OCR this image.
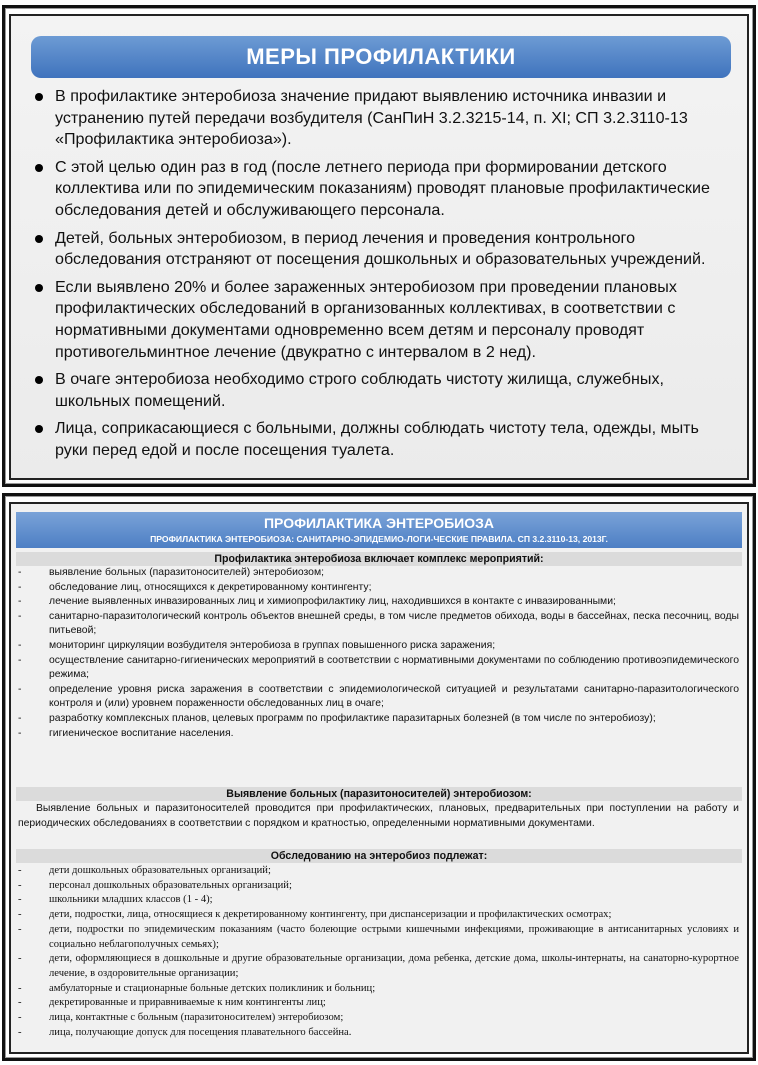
МЕРЫ ПРОФИЛАКТИКИ
В профилактике энтеробиоза значение придают выявлению источника инвазии и устранению путей передачи возбудителя (СанПиН 3.2.3215-14, п. XI; СП 3.2.3110-13 «Профилактика энтеробиоза»).
С этой целью один раз в год (после летнего периода при формировании детского коллектива или по эпидемическим показаниям) проводят плановые профилактические обследования детей и обслуживающего персонала.
Детей, больных энтеробиозом, в период лечения и проведения контрольного обследования отстраняют от посещения дошкольных и образовательных учреждений.
Если выявлено 20% и более зараженных энтеробиозом при проведении плановых профилактических обследований в организованных коллективах, в соответствии с нормативными документами одновременно всем детям и персоналу проводят противогельминтное лечение (двукратно с интервалом в 2 нед).
В очаге энтеробиоза необходимо строго соблюдать чистоту жилища, служебных, школьных помещений.
Лица, соприкасающиеся с больными, должны соблюдать чистоту тела, одежды, мыть руки перед едой и после посещения туалета.
ПРОФИЛАКТИКА ЭНТЕРОБИОЗА
ПРОФИЛАКТИКА ЭНТЕРОБИОЗА: САНИТАРНО-ЭПИДЕМИО-ЛОГИ-ЧЕСКИЕ ПРАВИЛА. СП 3.2.3110-13, 2013Г.
Профилактика энтеробиоза включает комплекс мероприятий:
-	выявление больных (паразитоносителей) энтеробиозом;
-	обследование лиц, относящихся к декретированному контингенту;
-	лечение выявленных инвазированных лиц и химиопрофилактику лиц, находившихся в контакте с инвазированными;
-	санитарно-паразитологический контроль объектов внешней среды, в том числе предметов обихода, воды в бассейнах, песка песочниц, воды питьевой;
-	мониторинг циркуляции возбудителя энтеробиоза в группах повышенного риска заражения;
-	осуществление санитарно-гигиенических мероприятий в соответствии с нормативными документами по соблюдению противоэпидемического режима;
-	определение уровня риска заражения в соответствии с эпидемиологической ситуацией и результатами санитарно-паразитологического контроля и (или) уровнем пораженности обследованных лиц в очаге;
-	разработку комплексных планов, целевых программ по профилактике паразитарных болезней (в том числе по энтеробиозу);
-	гигиеническое воспитание населения.
Выявление больных (паразитоносителей) энтеробиозом:

Выявление больных и паразитоносителей проводится при профилактических, плановых, предварительных при поступлении на работу и периодических обследованиях в соответствии с порядком и кратностью, определенными нормативными документами.

Обследованию на энтеробиоз подлежат:
-	дети дошкольных образовательных организаций;
-	персонал дошкольных образовательных организаций;
-	школьники младших классов (1 - 4);
-	дети, подростки, лица, относящиеся к декретированному контингенту, при диспансеризации и профилактических осмотрах;
-	дети, подростки по эпидемическим показаниям (часто болеющие острыми кишечными инфекциями, проживающие в антисанитарных условиях и социально неблагополучных семьях);
-	дети, оформляющиеся в дошкольные и другие образовательные организации, дома ребенка, детские дома, школы-интернаты, на санаторно-курортное лечение, в оздоровительные организации;
-	амбулаторные и стационарные больные детских поликлиник и больниц;
-	декретированные и приравниваемые к ним контингенты лиц;
-	лица, контактные с больным (паразитоносителем) энтеробиозом;
-	лица, получающие допуск для посещения плавательного бассейна.
